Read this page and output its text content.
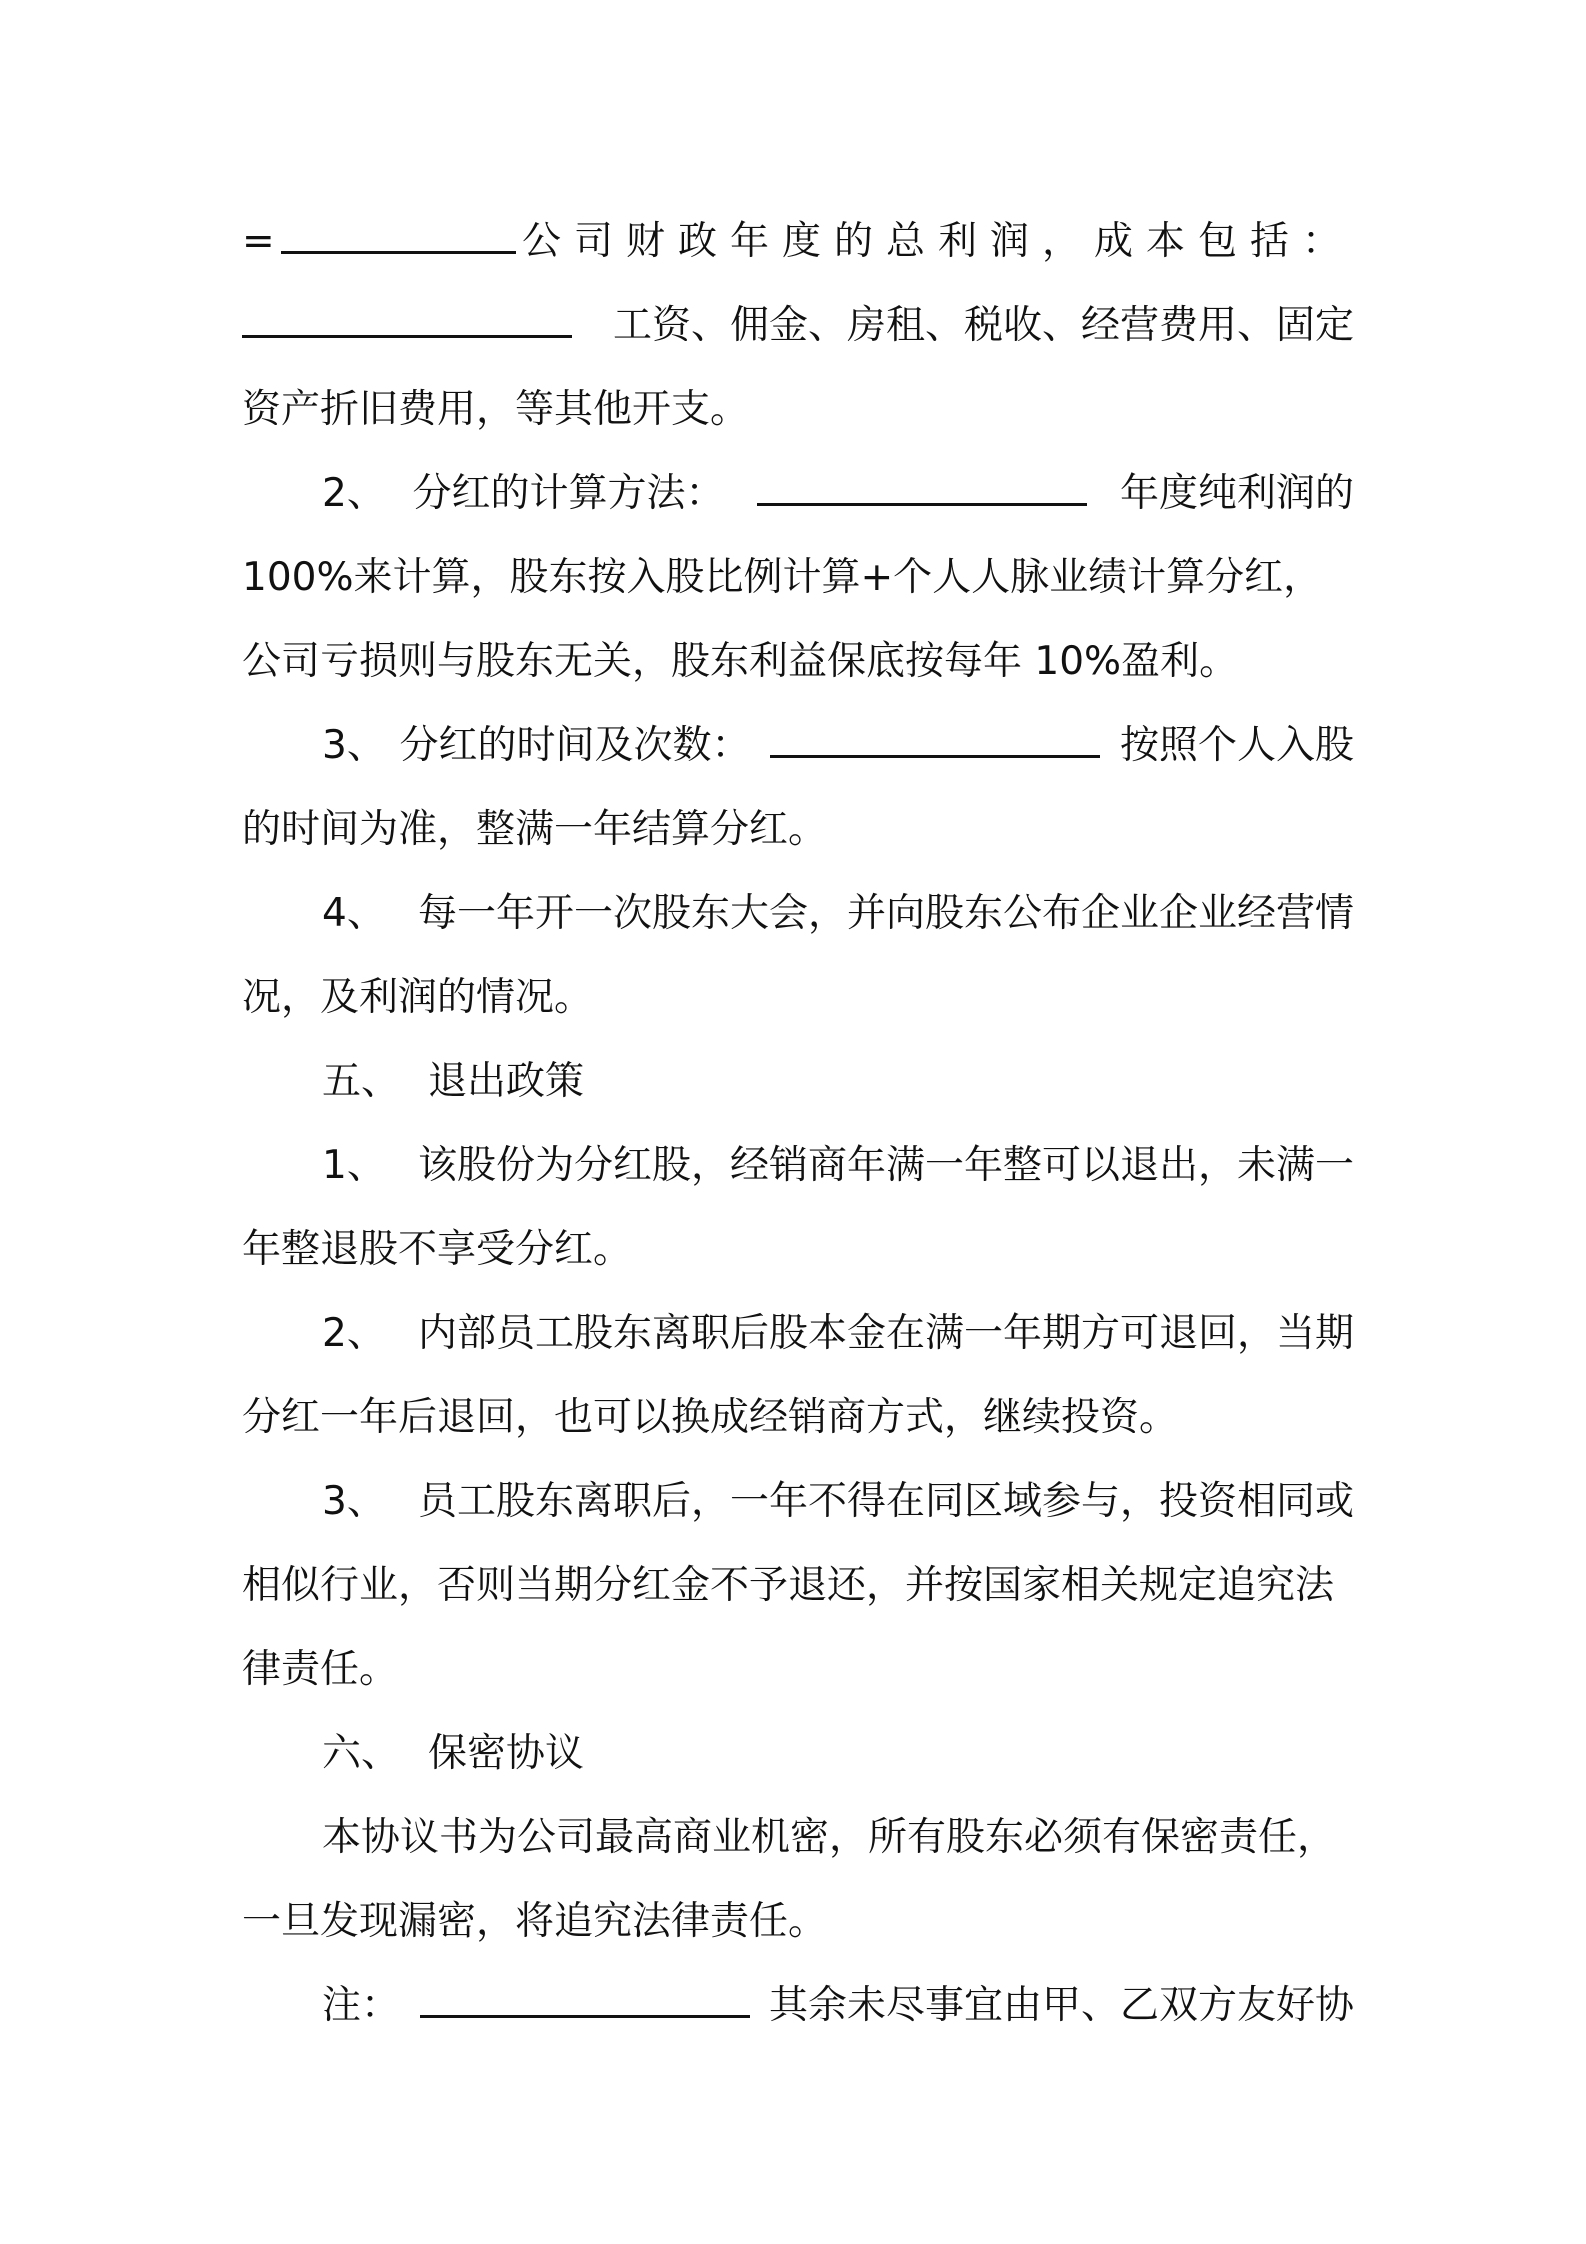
=	公司财政年度的总利润，成本包括：
工资、佣金、房租、税收、经营费用、固定
资产折旧费用，等其他开支。
2、 分红的计算方法：	年度纯利润的
100%来计算，股东按入股比例计算+个人人脉业绩计算分红，
公司亏损则与股东无关，股东利益保底按每年 10%盈利。
3、 分红的时间及次数：	按照个人入股
的时间为准，整满一年结算分红。
4、 每一年开一次股东大会，并向股东公布企业企业经营情
况，及利润的情况。
五、 退出政策
1、 该股份为分红股，经销商年满一年整可以退出，未满一
年整退股不享受分红。
2、 内部员工股东离职后股本金在满一年期方可退回，当期
分红一年后退回，也可以换成经销商方式，继续投资。
3、 员工股东离职后，一年不得在同区域参与，投资相同或
相似行业，否则当期分红金不予退还，并按国家相关规定追究法
律责任。
六、 保密协议
本协议书为公司最高商业机密，所有股东必须有保密责任，
一旦发现漏密，将追究法律责任。
注：	其余未尽事宜由甲、乙双方友好协
